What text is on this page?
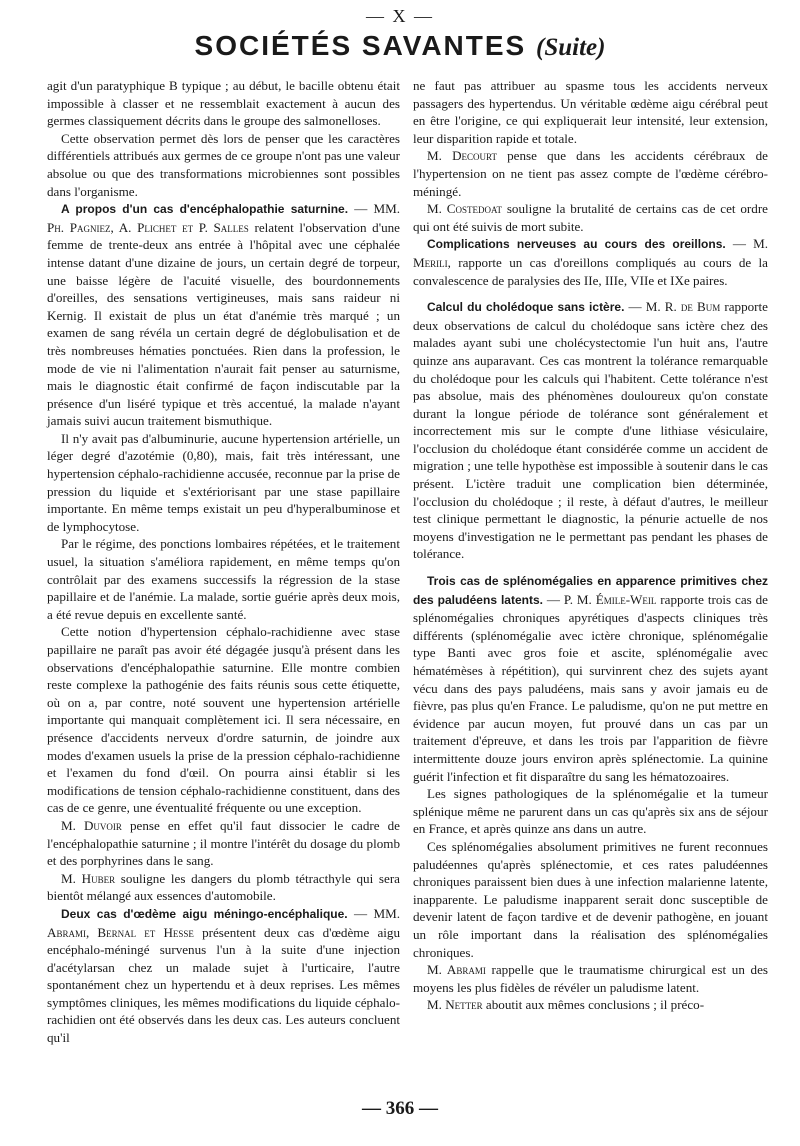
— X —
SOCIÉTÉS SAVANTES (Suite)

agit d'un paratyphique B typique ; au début, le bacille obtenu était impossible à classer et ne ressemblait exactement à aucun des germes classiquement décrits dans le groupe des salmonelloses.

Cette observation permet dès lors de penser que les caractères différentiels attribués aux germes de ce groupe n'ont pas une valeur absolue ou que des transformations microbiennes sont possibles dans l'organisme.

A propos d'un cas d'encéphalopathie saturnine. — MM. Ph. Pagniez, A. Plichet et P. Salles relatent l'observation d'une femme de trente-deux ans entrée à l'hôpital avec une céphalée intense datant d'une dizaine de jours, un certain degré de torpeur, une baisse légère de l'acuité visuelle, des bourdonnements d'oreilles, des sensations vertigineuses, mais sans raideur ni Kernig. Il existait de plus un état d'anémie très marqué ; un examen de sang révéla un certain degré de déglobulisation et de très nombreuses hématies ponctuées. Rien dans la profession, le mode de vie ni l'alimentation n'aurait fait penser au saturnisme, mais le diagnostic était confirmé de façon indiscutable par la présence d'un liséré typique et très accentué, la malade n'ayant jamais suivi aucun traitement bismuthique.

Il n'y avait pas d'albuminurie, aucune hypertension artérielle, un léger degré d'azotémie (0,80), mais, fait très intéressant, une hypertension céphalo-rachidienne accusée, reconnue par la prise de pression du liquide et s'extériorisant par une stase papillaire importante. En même temps existait un peu d'hyperalbuminose et de lymphocytose.

Par le régime, des ponctions lombaires répétées, et le traitement usuel, la situation s'améliora rapidement, en même temps qu'on contrôlait par des examens successifs la régression de la stase papillaire et de l'anémie. La malade, sortie guérie après deux mois, a été revue depuis en excellente santé.

Cette notion d'hypertension céphalo-rachidienne avec stase papillaire ne paraît pas avoir été dégagée jusqu'à présent dans les observations d'encéphalopathie saturnine. Elle montre combien reste complexe la pathogénie des faits réunis sous cette étiquette, où on a, par contre, noté souvent une hypertension artérielle importante qui manquait complètement ici. Il sera nécessaire, en présence d'accidents nerveux d'ordre saturnin, de joindre aux modes d'examen usuels la prise de la pression céphalo-rachidienne et l'examen du fond d'œil. On pourra ainsi établir si les modifications de tension céphalo-rachidienne constituent, dans des cas de ce genre, une éventualité fréquente ou une exception.

M. Duvoir pense en effet qu'il faut dissocier le cadre de l'encéphalopathie saturnine ; il montre l'intérêt du dosage du plomb et des porphyrines dans le sang.

M. Huber souligne les dangers du plomb tétracthyle qui sera bientôt mélangé aux essences d'automobile.

Deux cas d'œdème aigu méningo-encéphalique. — MM. Abrami, Bernal et Hesse présentent deux cas d'œdème aigu encéphalo-méningé survenus l'un à la suite d'une injection d'acétylarsan chez un malade sujet à l'urticaire, l'autre spontanément chez un hypertendu et à deux reprises. Les mêmes symptômes cliniques, les mêmes modifications du liquide céphalo-rachidien ont été observés dans les deux cas. Les auteurs concluent qu'il

ne faut pas attribuer au spasme tous les accidents nerveux passagers des hypertendus. Un véritable œdème aigu cérébral peut en être l'origine, ce qui expliquerait leur intensité, leur extension, leur disparition rapide et totale.

M. Decourt pense que dans les accidents cérébraux de l'hypertension on ne tient pas assez compte de l'œdème cérébro-méningé.

M. Costedoat souligne la brutalité de certains cas de cet ordre qui ont été suivis de mort subite.

Complications nerveuses au cours des oreillons. — M. Merili, rapporte un cas d'oreillons compliqués au cours de la convalescence de paralysies des IIe, IIIe, VIIe et IXe paires.

Calcul du cholédoque sans ictère. — M. R. de Bum rapporte deux observations de calcul du cholédoque sans ictère chez des malades ayant subi une cholécystectomie l'un huit ans, l'autre quinze ans auparavant. Ces cas montrent la tolérance remarquable du cholédoque pour les calculs qui l'habitent. Cette tolérance n'est pas absolue, mais des phénomènes douloureux qu'on constate durant la longue période de tolérance sont généralement et incorrectement mis sur le compte d'une lithiase vésiculaire, l'occlusion du cholédoque étant considérée comme un accident de migration ; une telle hypothèse est impossible à soutenir dans le cas présent. L'ictère traduit une complication bien déterminée, l'occlusion du cholédoque ; il reste, à défaut d'autres, le meilleur test clinique permettant le diagnostic, la pénurie actuelle de nos moyens d'investigation ne le permettant pas pendant les phases de tolérance.

Trois cas de splénomégalies en apparence primitives chez des paludéens latents. — P. M. Émile-Weil rapporte trois cas de splénomégalies chroniques apyrétiques d'aspects cliniques très différents (splénomégalie avec ictère chronique, splénomégalie type Banti avec gros foie et ascite, splénomégalie avec hématémèses à répétition), qui survinrent chez des sujets ayant vécu dans des pays paludéens, mais sans y avoir jamais eu de fièvre, pas plus qu'en France. Le paludisme, qu'on ne put mettre en évidence par aucun moyen, fut prouvé dans un cas par un traitement d'épreuve, et dans les trois par l'apparition de fièvre intermittente douze jours environ après splénectomie. La quinine guérit l'infection et fit disparaître du sang les hématozoaires.

Les signes pathologiques de la splénomégalie et la tumeur splénique même ne parurent dans un cas qu'après six ans de séjour en France, et après quinze ans dans un autre.

Ces splénomégalies absolument primitives ne furent reconnues paludéennes qu'après splénectomie, et ces rates paludéennes chroniques paraissent bien dues à une infection malarienne latente, inapparente. Le paludisme inapparent serait donc susceptible de devenir latent de façon tardive et de devenir pathogène, en jouant un rôle important dans la réalisation des splénomégalies chroniques.

M. Abrami rappelle que le traumatisme chirurgical est un des moyens les plus fidèles de révéler un paludisme latent.

M. Netter aboutit aux mêmes conclusions ; il préco-

— 366 —
